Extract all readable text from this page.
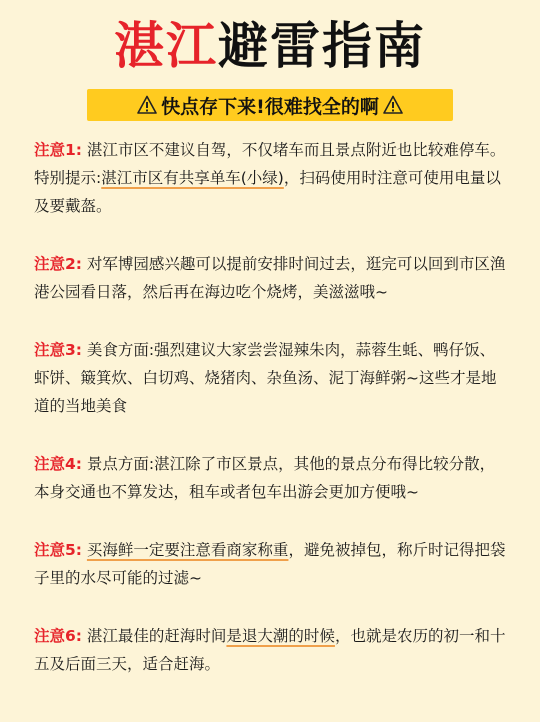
湛江避雷指南
快点存下来!很难找全的啊

注意1: 湛江市区不建议自驾，不仅堵车而且景点附近也比较难停车。特别提示:湛江市区有共享单车(小绿)，扫码使用时注意可使用电量以及要戴盔。

注意2: 对军博园感兴趣可以提前安排时间过去，逛完可以回到市区渔港公园看日落，然后再在海边吃个烧烤，美滋滋哦~

注意3: 美食方面:强烈建议大家尝尝湿辣朱肉，蒜蓉生蚝、鸭仔饭、虾饼、簸箕炊、白切鸡、烧猪肉、杂鱼汤、泥丁海鲜粥~这些才是地道的当地美食

注意4: 景点方面:湛江除了市区景点，其他的景点分布得比较分散，本身交通也不算发达，租车或者包车出游会更加方便哦~

注意5: 买海鲜一定要注意看商家称重，避免被掉包，称斤时记得把袋子里的水尽可能的过滤~

注意6: 湛江最佳的赶海时间是退大潮的时候，也就是农历的初一和十五及后面三天，适合赶海。
